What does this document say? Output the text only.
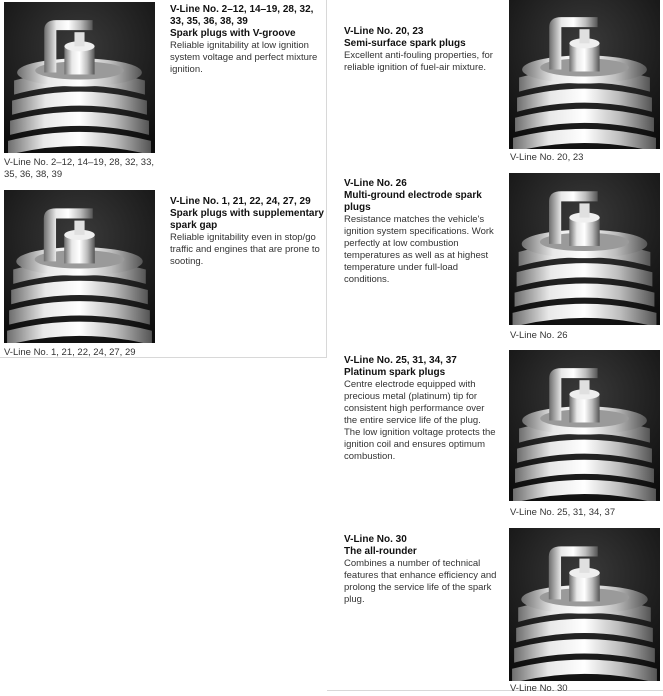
V-Line No. 2–12, 14–19, 28, 32, 33, 35, 36, 38, 39
Spark plugs with V-groove
Reliable ignitability at low ignition system voltage and perfect mixture ignition.
V-Line No. 2–12, 14–19, 28, 32, 33, 35, 36, 38, 39
V-Line No. 1, 21, 22, 24, 27, 29
Spark plugs with supplementary spark gap
Reliable ignitability even in stop/go traffic and engines that are prone to sooting.
V-Line No. 1, 21, 22, 24, 27, 29
V-Line No. 20, 23
Semi-surface spark plugs
Excellent anti-fouling properties, for reliable ignition of fuel-air mixture.
V-Line No. 20, 23
V-Line No. 26
Multi-ground electrode spark plugs
Resistance matches the vehicle's ignition system specifications. Work perfectly at low combustion temperatures as well as at highest temperature under full-load conditions.
V-Line No. 26
V-Line No. 25, 31, 34, 37
Platinum spark plugs
Centre electrode equipped with precious metal (platinum) tip for consistent high performance over the entire service life of the plug. The low ignition voltage protects the ignition coil and ensures optimum combustion.
V-Line No. 25, 31, 34, 37
V-Line No. 30
The all-rounder
Combines a number of technical features that enhance efficiency and prolong the service life of the spark plug.
V-Line No. 30
